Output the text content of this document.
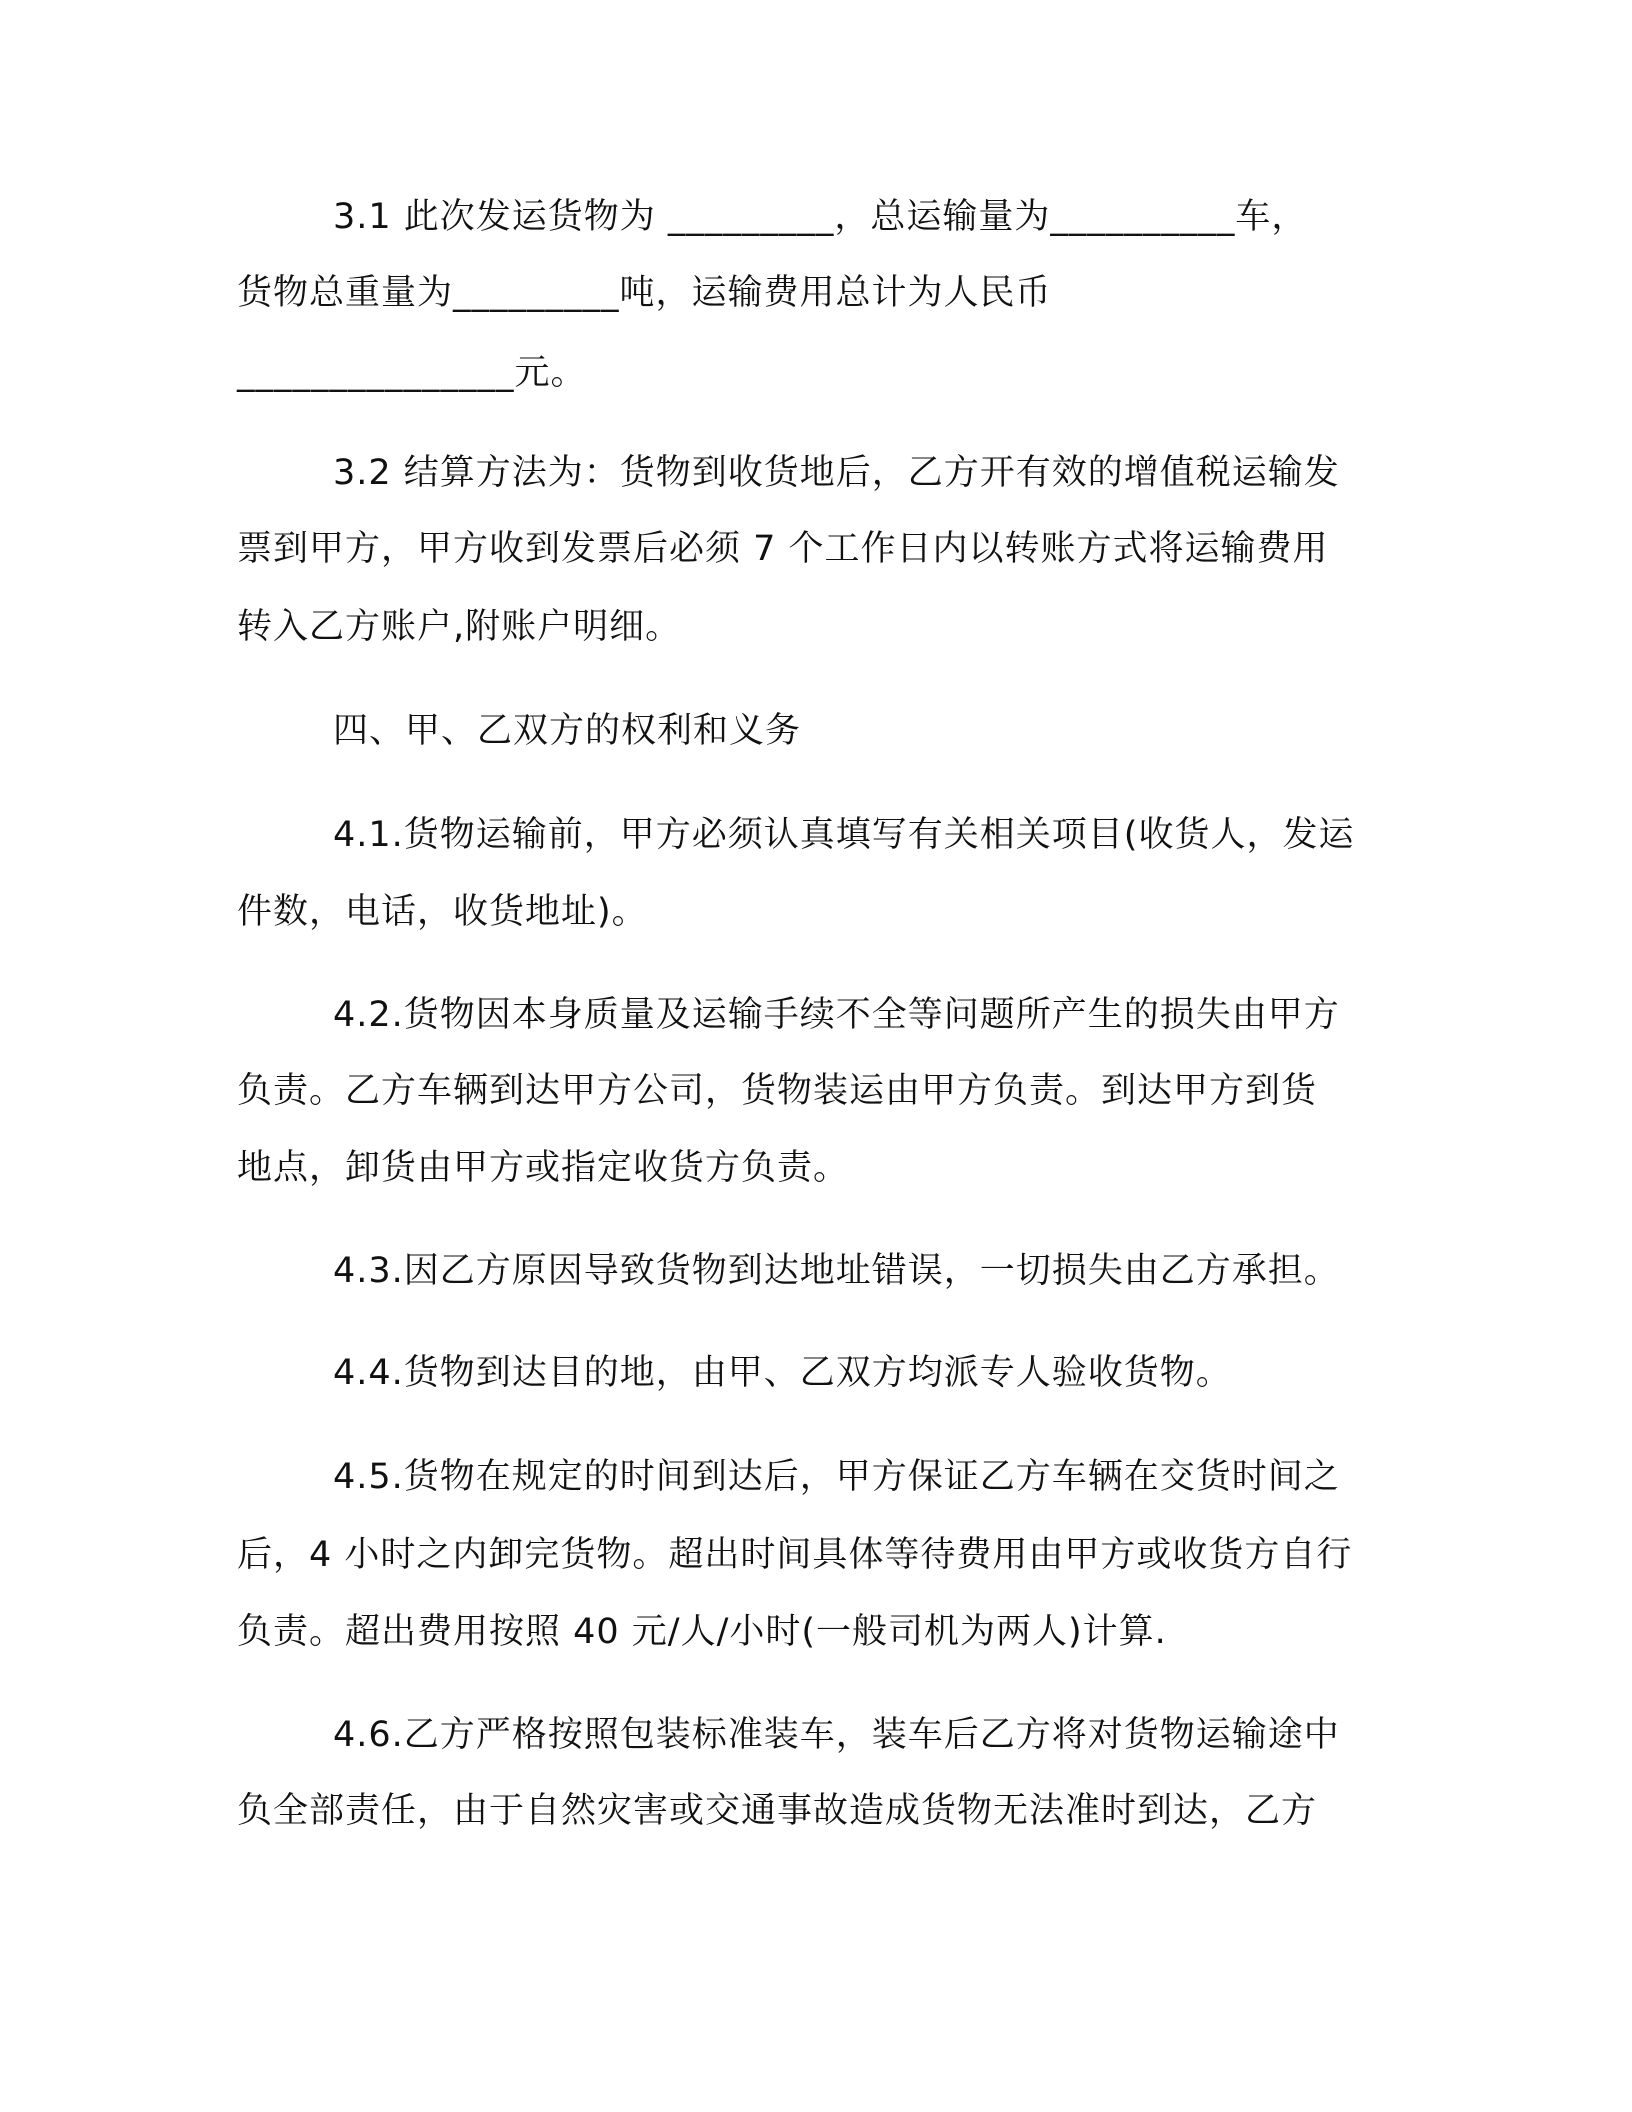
3.1 此次发运货物为 _________，总运输量为__________车，
货物总重量为_________吨，运输费用总计为人民币
_______________元。
3.2 结算方法为：货物到收货地后，乙方开有效的增值税运输发
票到甲方，甲方收到发票后必须 7 个工作日内以转账方式将运输费用
转入乙方账户,附账户明细。
四、甲、乙双方的权利和义务
4.1.货物运输前，甲方必须认真填写有关相关项目(收货人，发运
件数，电话，收货地址)。
4.2.货物因本身质量及运输手续不全等问题所产生的损失由甲方
负责。乙方车辆到达甲方公司，货物装运由甲方负责。到达甲方到货
地点，卸货由甲方或指定收货方负责。
4.3.因乙方原因导致货物到达地址错误，一切损失由乙方承担。
4.4.货物到达目的地，由甲、乙双方均派专人验收货物。
4.5.货物在规定的时间到达后，甲方保证乙方车辆在交货时间之
后，4 小时之内卸完货物。超出时间具体等待费用由甲方或收货方自行
负责。超出费用按照 40 元/人/小时(一般司机为两人)计算.
4.6.乙方严格按照包装标准装车，装车后乙方将对货物运输途中
负全部责任，由于自然灾害或交通事故造成货物无法准时到达，乙方
